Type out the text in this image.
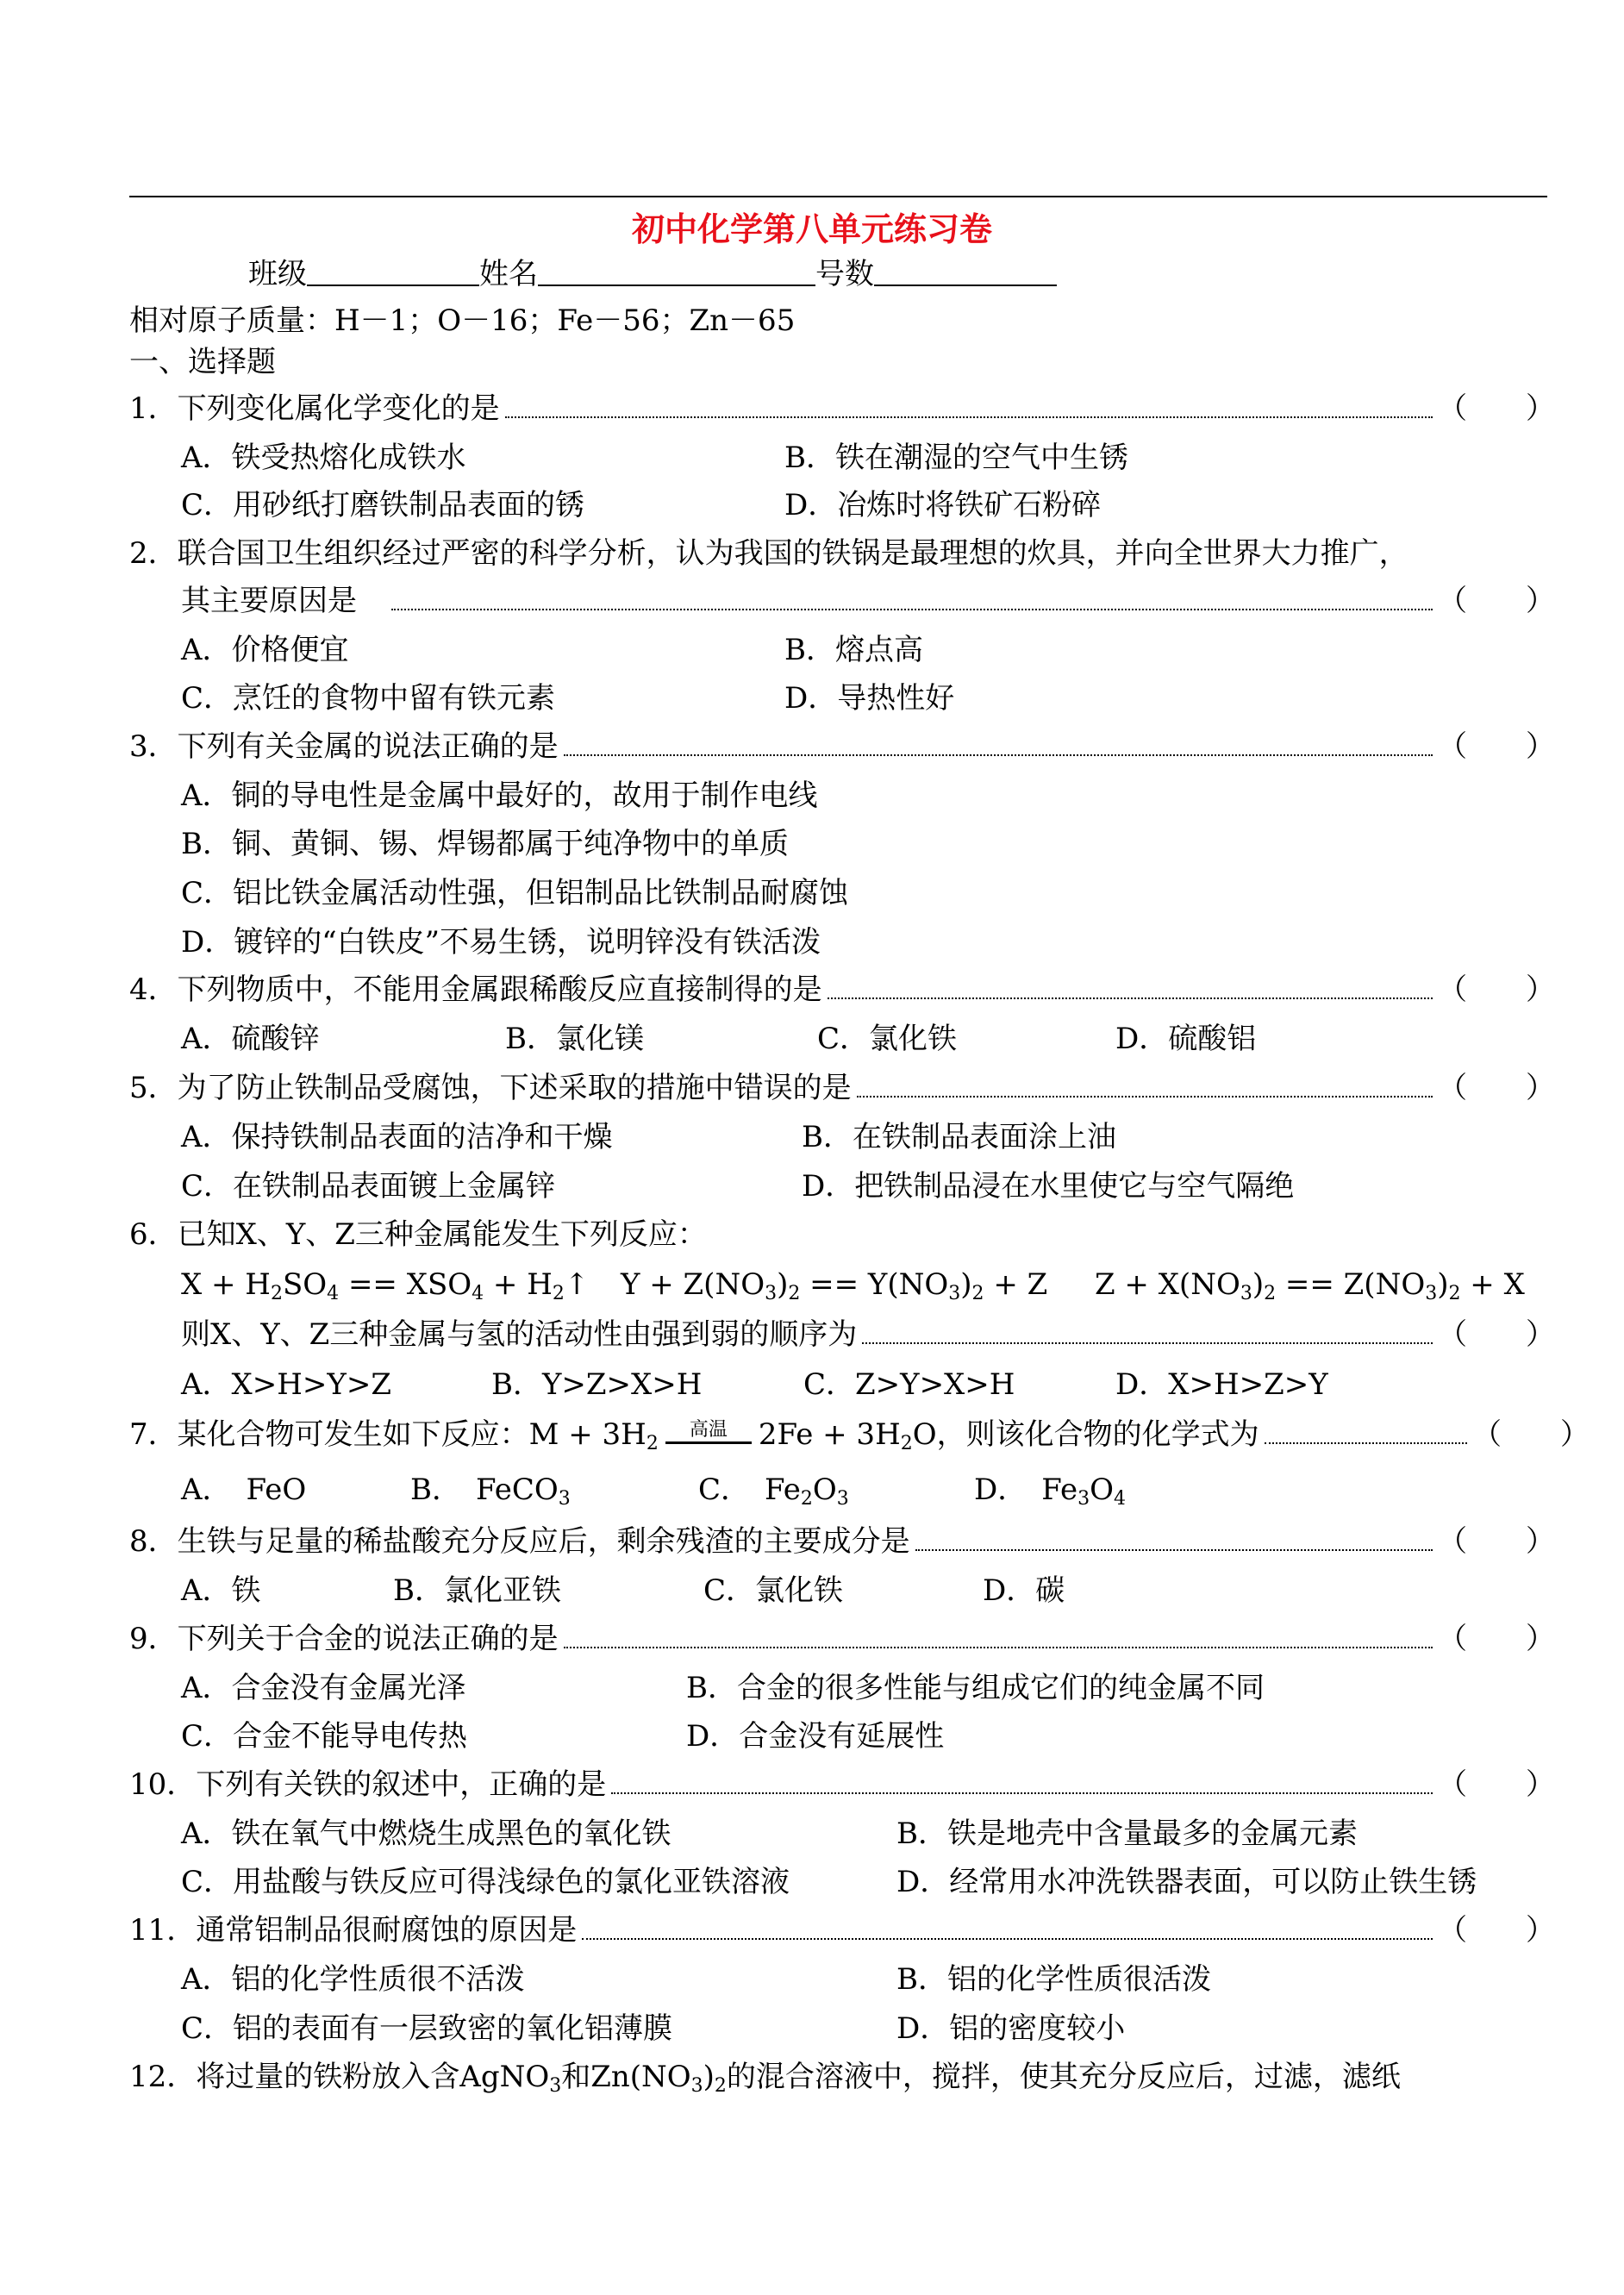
初中化学第八单元练习卷
班级	姓名	号数
相对原子质量：H－1；O－16；Fe－56；Zn－65
一、选择题
1．下列变化属化学变化的是	（　　）
A．铁受热熔化成铁水	B．铁在潮湿的空气中生锈
C．用砂纸打磨铁制品表面的锈	D．冶炼时将铁矿石粉碎
2．联合国卫生组织经过严密的科学分析，认为我国的铁锅是最理想的炊具，并向全世界大力推广，
其主要原因是	（　　）
A．价格便宜	B．熔点高
C．烹饪的食物中留有铁元素	D．导热性好
3．下列有关金属的说法正确的是	（　　）
A．铜的导电性是金属中最好的，故用于制作电线
B．铜、黄铜、锡、焊锡都属于纯净物中的单质
C．铝比铁金属活动性强，但铝制品比铁制品耐腐蚀
D．镀锌的“白铁皮”不易生锈，说明锌没有铁活泼
4．下列物质中，不能用金属跟稀酸反应直接制得的是	（　　）
A．硫酸锌	B．氯化镁	C．氯化铁	D．硫酸铝
5．为了防止铁制品受腐蚀，下述采取的措施中错误的是	（　　）
A．保持铁制品表面的洁净和干燥	B．在铁制品表面涂上油
C．在铁制品表面镀上金属锌	D．把铁制品浸在水里使它与空气隔绝
6．已知X、Y、Z三种金属能发生下列反应：
$X + H_2SO_4 == XSO_4$ + $H_2↑$ $Y + Z(NO_3)_2 == Y(NO_3)_2 + Z$ $Z + X(NO_3)_2 == Z(NO_3)_2 + X$
则X、Y、Z三种金属与氢的活动性由强到弱的顺序为	（　　）
A．X>H>Y>Z	B．Y>Z>X>H	C．Z>Y>X>H	D．X>H>Z>Y
7．某化合物可发生如下反应：$M + 3H_2$
高温	$2Fe + 3H_2O$，则该化合物的化学式为	（　　）
A．　FeO	B．　FeCO$_3$	C．　$Fe_2O_3$	D．　$Fe_3O_4$
8．生铁与足量的稀盐酸充分反应后，剩余残渣的主要成分是	（　　）
A．铁	B．氯化亚铁	C．氯化铁	D．碳
9．下列关于合金的说法正确的是	（　　）
A．合金没有金属光泽	B．合金的很多性能与组成它们的纯金属不同
C．合金不能导电传热	D．合金没有延展性
10．下列有关铁的叙述中，正确的是	（　　）
A．铁在氧气中燃烧生成黑色的氧化铁	B．铁是地壳中含量最多的金属元素
C．用盐酸与铁反应可得浅绿色的氯化亚铁溶液	D．经常用水冲洗铁器表面，可以防止铁生锈
11．通常铝制品很耐腐蚀的原因是	（　　）
A．铝的化学性质很不活泼	B．铝的化学性质很活泼
C．铝的表面有一层致密的氧化铝薄膜	D．铝的密度较小
12．将过量的铁粉放入含AgNO$_3$和$Zn(NO_3)_2$的混合溶液中，搅拌，使其充分反应后，过滤，滤纸
